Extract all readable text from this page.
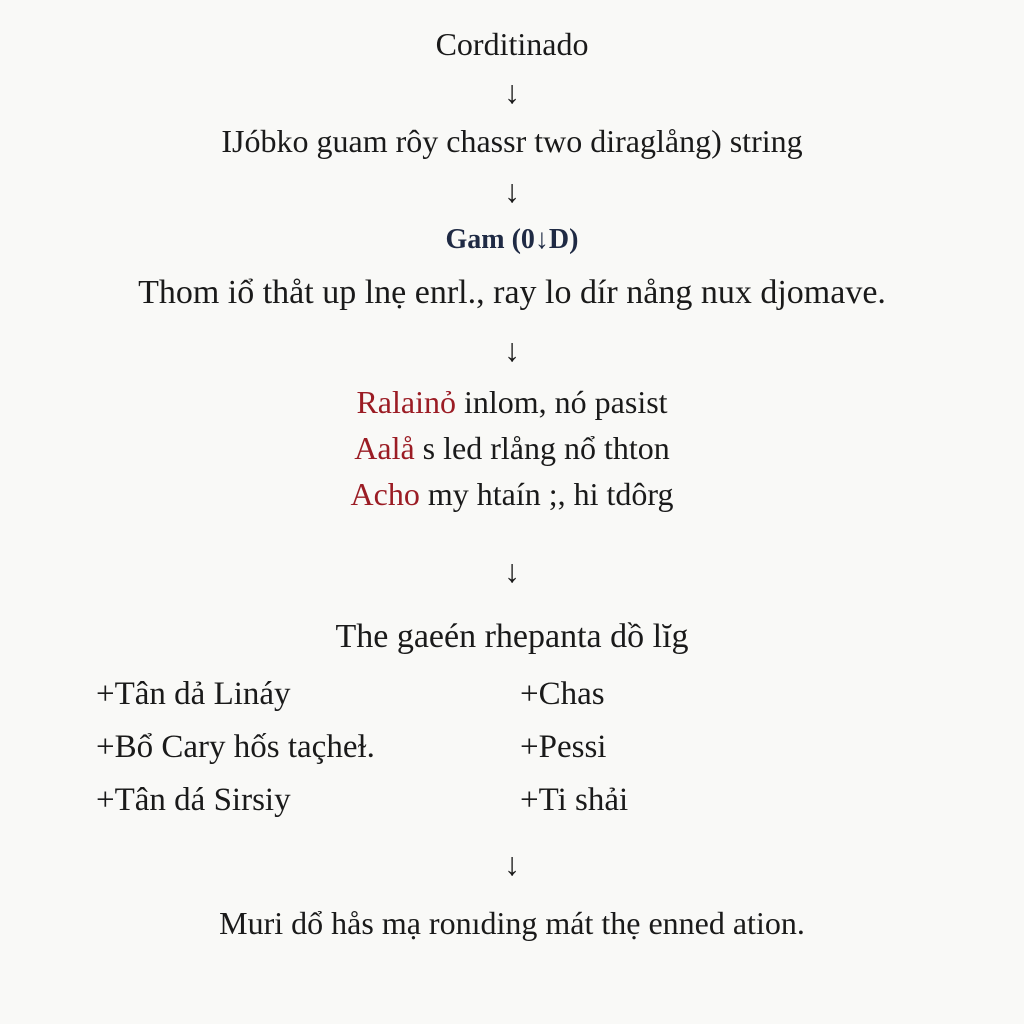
Corditinado
↓
IJóbko guam rôy chassr two diraglång) string
↓
Gam (0↓D)
Thom iổ thåt up lnẹ enrl., ray lo dír nång nux djomave.
↓
Ralainỏ inlom, nó pasist
Aalå s led rlång nổ thton
Acho my htaín ;, hi tdôrg
↓
The gaeén rhepanta dồ lĭg
+Tân dả Lináy
+Bổ Cary hốs taçheɫ.
+Tân dá Sirsiy
+Chas
+Pessi
+Ti shải
↓
Muri dổ hås mạ ronıding mát thẹ enned ation.
